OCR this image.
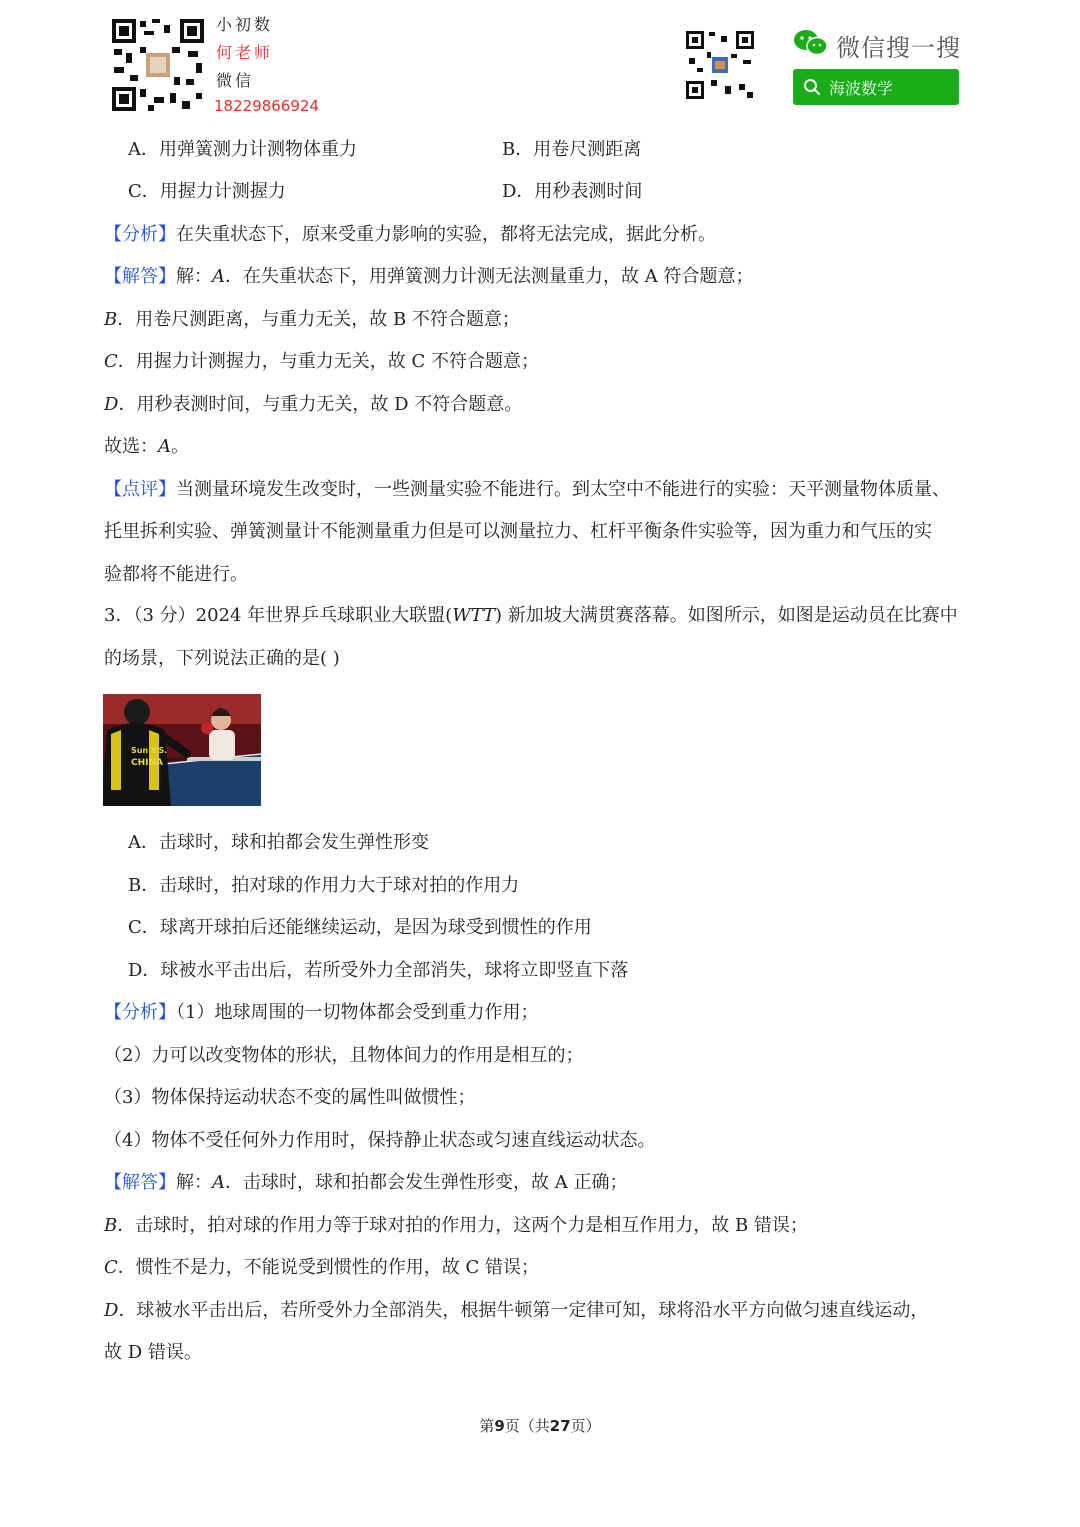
小初数
何老师
微信
18229866924
微信搜一搜
海波数学
A．用弹簧测力计测物体重力	B．用卷尺测距离
C．用握力计测握力	D．用秒表测时间
【分析】在失重状态下，原来受重力影响的实验，都将无法完成，据此分析。
【解答】解：A．在失重状态下，用弹簧测力计测无法测量重力，故 A 符合题意；
B．用卷尺测距离，与重力无关，故 B 不符合题意；
C．用握力计测握力，与重力无关，故 C 不符合题意；
D．用秒表测时间，与重力无关，故 D 不符合题意。
故选：A。
【点评】当测量环境发生改变时，一些测量实验不能进行。到太空中不能进行的实验：天平测量物体质量、
托里拆利实验、弹簧测量计不能测量重力但是可以测量拉力、杠杆平衡条件实验等，因为重力和气压的实
验都将不能进行。
3．（3 分）2024 年世界乒乓球职业大联盟(WTT) 新加坡大满贯赛落幕。如图所示，如图是运动员在比赛中
的场景，下列说法正确的是( )
Sun Y.S.
CHINA
A．击球时，球和拍都会发生弹性形变
B．击球时，拍对球的作用力大于球对拍的作用力
C．球离开球拍后还能继续运动，是因为球受到惯性的作用
D．球被水平击出后，若所受外力全部消失，球将立即竖直下落
【分析】（1）地球周围的一切物体都会受到重力作用；
（2）力可以改变物体的形状，且物体间力的作用是相互的；
（3）物体保持运动状态不变的属性叫做惯性；
（4）物体不受任何外力作用时，保持静止状态或匀速直线运动状态。
【解答】解：A．击球时，球和拍都会发生弹性形变，故 A 正确；
B．击球时，拍对球的作用力等于球对拍的作用力，这两个力是相互作用力，故 B 错误；
C．惯性不是力，不能说受到惯性的作用，故 C 错误；
D．球被水平击出后，若所受外力全部消失，根据牛顿第一定律可知，球将沿水平方向做匀速直线运动，
故 D 错误。
第9页（共27页）
